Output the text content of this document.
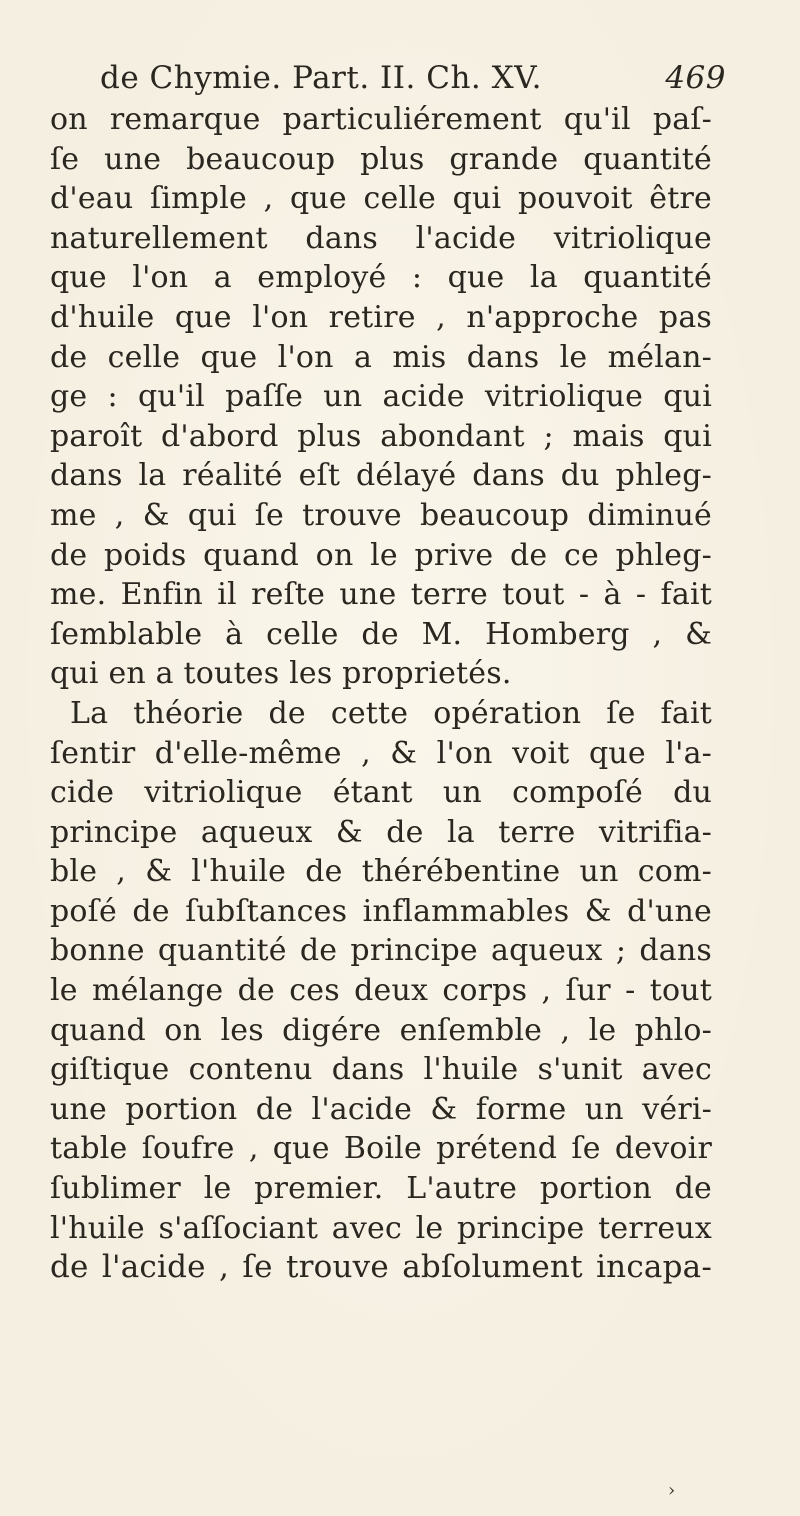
de Chymie. Part. II. Ch. XV.	469
on remarque particuliérement qu'il paſ-
ſe une beaucoup plus grande quantité
d'eau ſimple , que celle qui pouvoit être
naturellement dans l'acide vitriolique
que l'on a employé : que la quantité
d'huile que l'on retire , n'approche pas
de celle que l'on a mis dans le mélan-
ge : qu'il paſſe un acide vitriolique qui
paroît d'abord plus abondant ; mais qui
dans la réalité eſt délayé dans du phleg-
me , & qui ſe trouve beaucoup diminué
de poids quand on le prive de ce phleg-
me. Enfin il reſte une terre tout - à - fait
ſemblable à celle de M. Homberg , &
qui en a toutes les proprietés.
La théorie de cette opération ſe fait
ſentir d'elle-même , & l'on voit que l'a-
cide vitriolique étant un compoſé du
principe aqueux & de la terre vitrifia-
ble , & l'huile de thérébentine un com-
poſé de ſubſtances inflammables & d'une
bonne quantité de principe aqueux ; dans
le mélange de ces deux corps , ſur - tout
quand on les digére enſemble , le phlo-
giſtique contenu dans l'huile s'unit avec
une portion de l'acide & forme un véri-
table ſoufre , que Boile prétend ſe devoir
ſublimer le premier. L'autre portion de
l'huile s'aſſociant avec le principe terreux
de l'acide , ſe trouve abſolument incapa-
›
